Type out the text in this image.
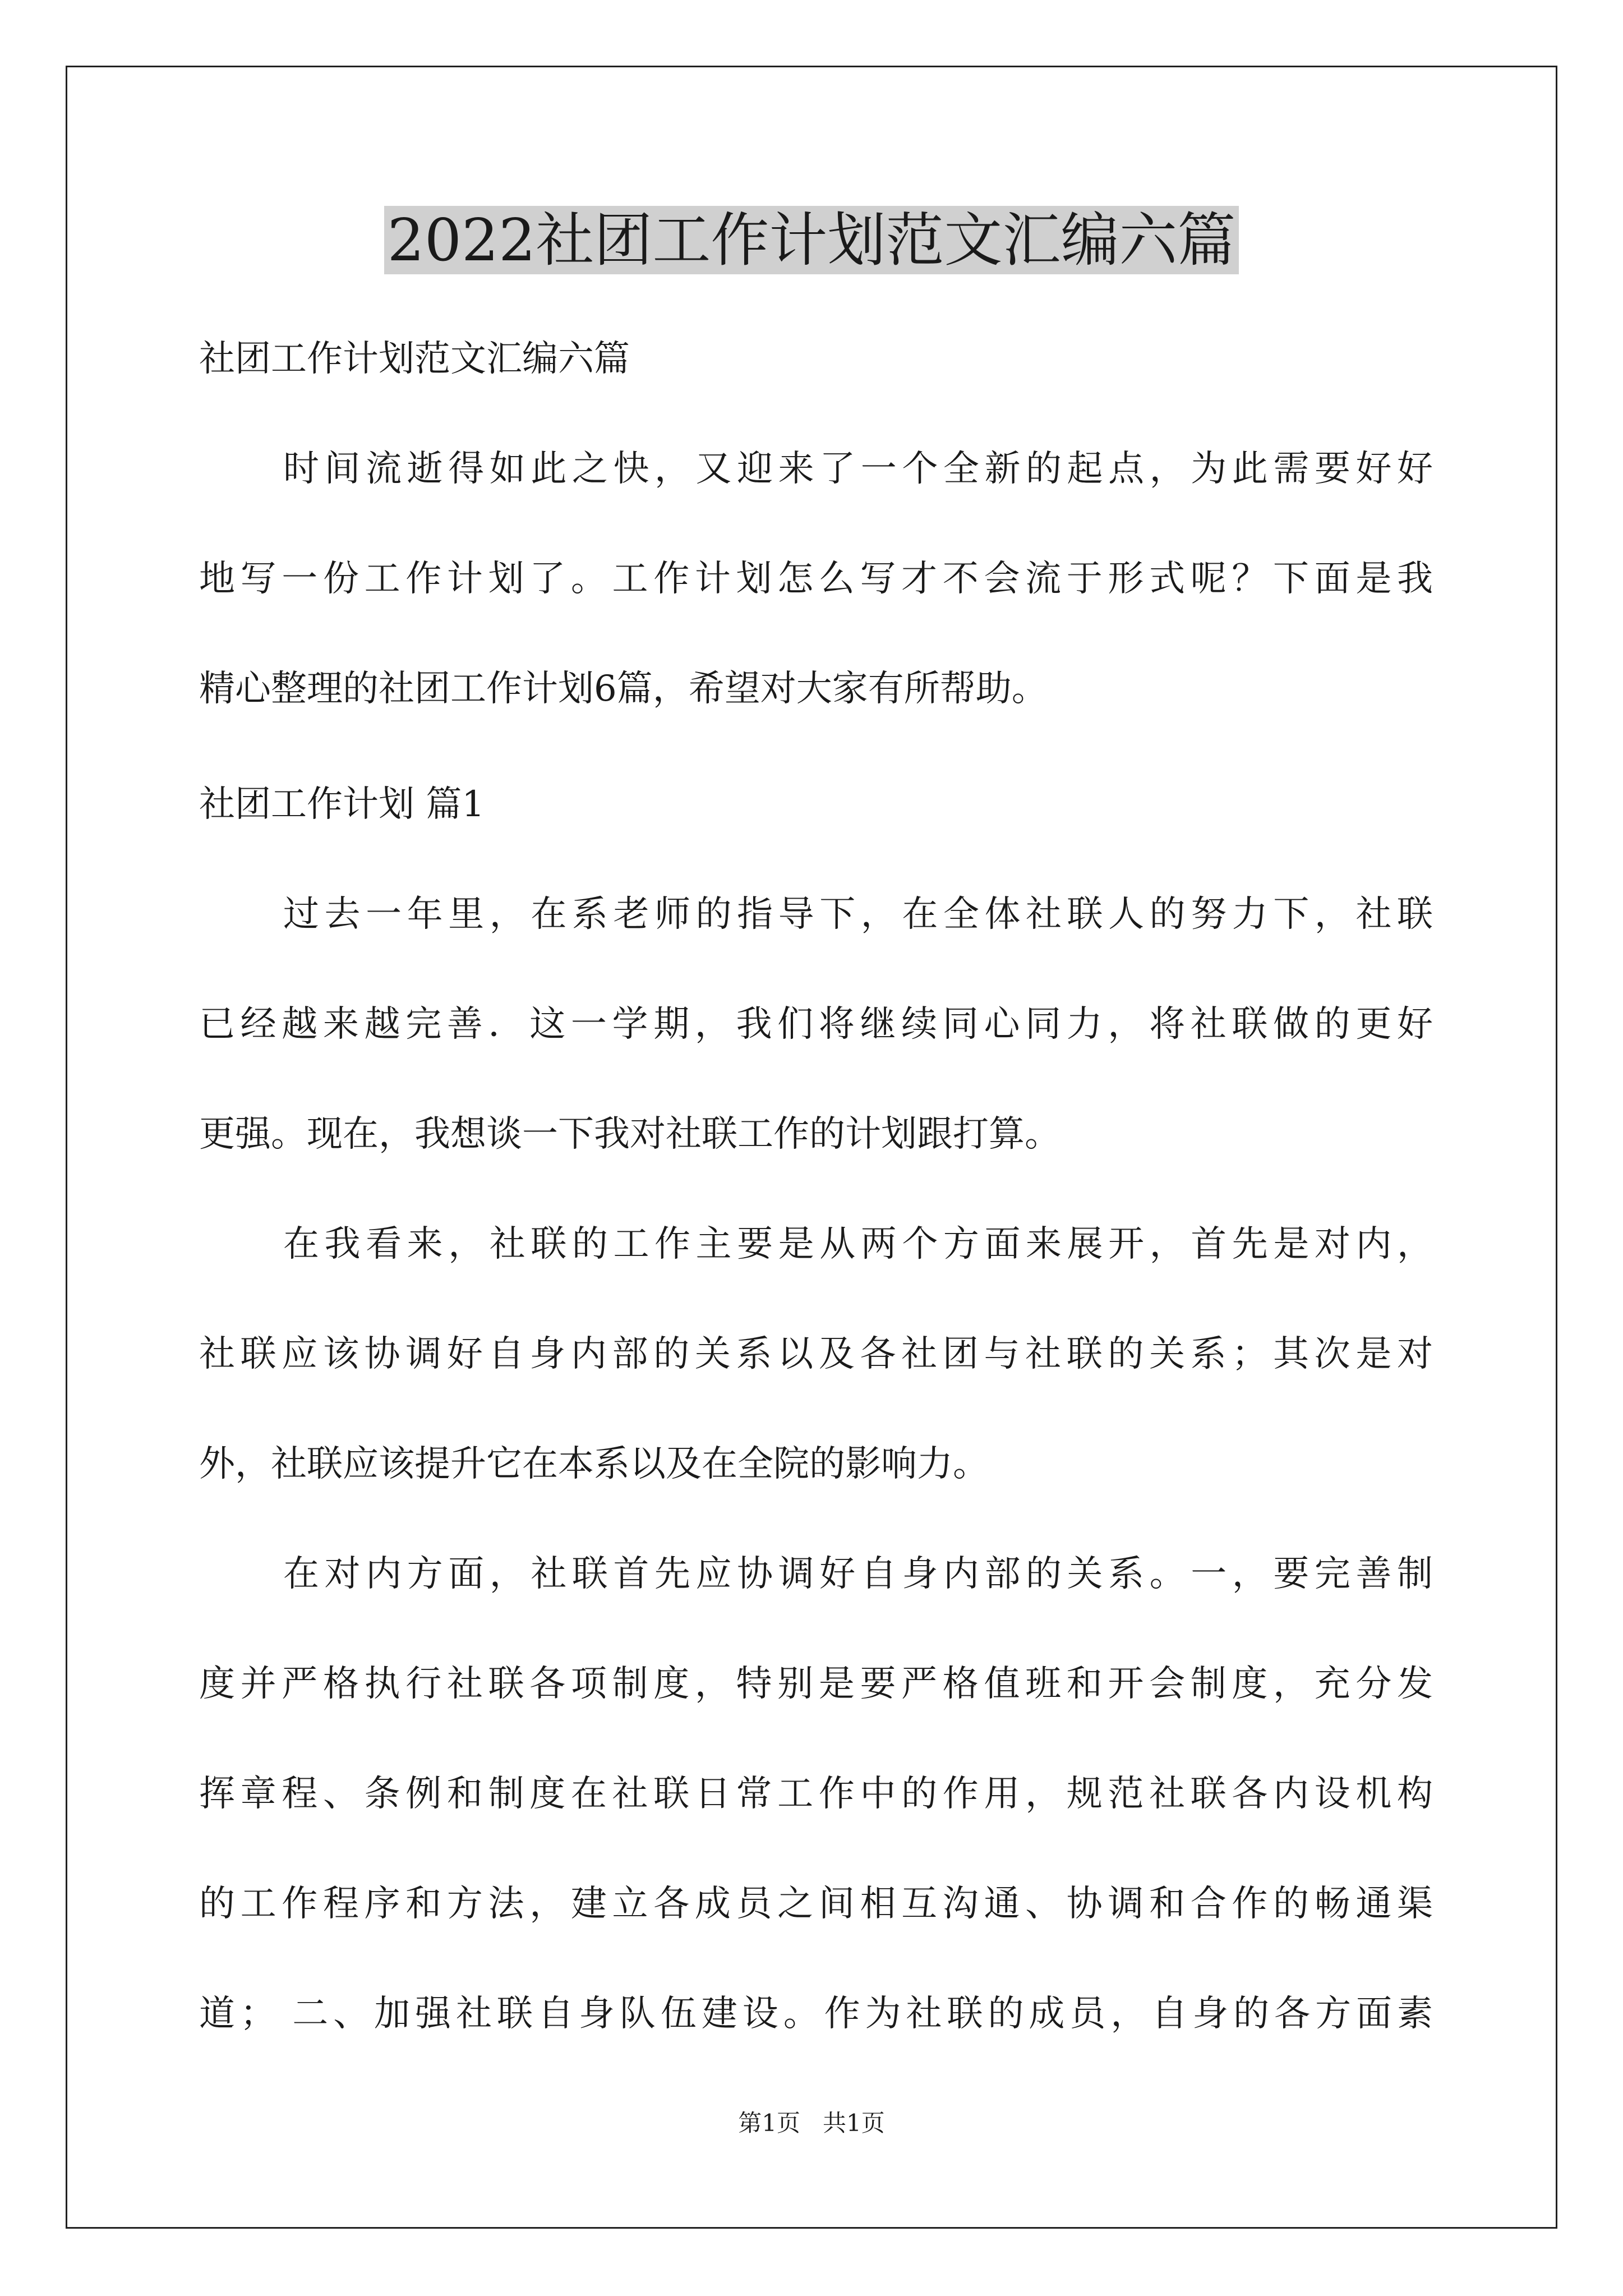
2022社团工作计划范文汇编六篇
社团工作计划范文汇编六篇
时间流逝得如此之快，又迎来了一个全新的起点，为此需要好好
地写一份工作计划了。工作计划怎么写才不会流于形式呢？下面是我
精心整理的社团工作计划6篇，希望对大家有所帮助。
社团工作计划 篇1
过去一年里，在系老师的指导下，在全体社联人的努力下，社联
已经越来越完善．这一学期，我们将继续同心同力，将社联做的更好
更强。现在，我想谈一下我对社联工作的计划跟打算。
在我看来，社联的工作主要是从两个方面来展开，首先是对内，
社联应该协调好自身内部的关系以及各社团与社联的关系；其次是对
外，社联应该提升它在本系以及在全院的影响力。
在对内方面，社联首先应协调好自身内部的关系。一，要完善制
度并严格执行社联各项制度，特别是要严格值班和开会制度，充分发
挥章程、条例和制度在社联日常工作中的作用，规范社联各内设机构
的工作程序和方法，建立各成员之间相互沟通、协调和合作的畅通渠
道； 二、加强社联自身队伍建设。作为社联的成员，自身的各方面素
第1页   共1页
